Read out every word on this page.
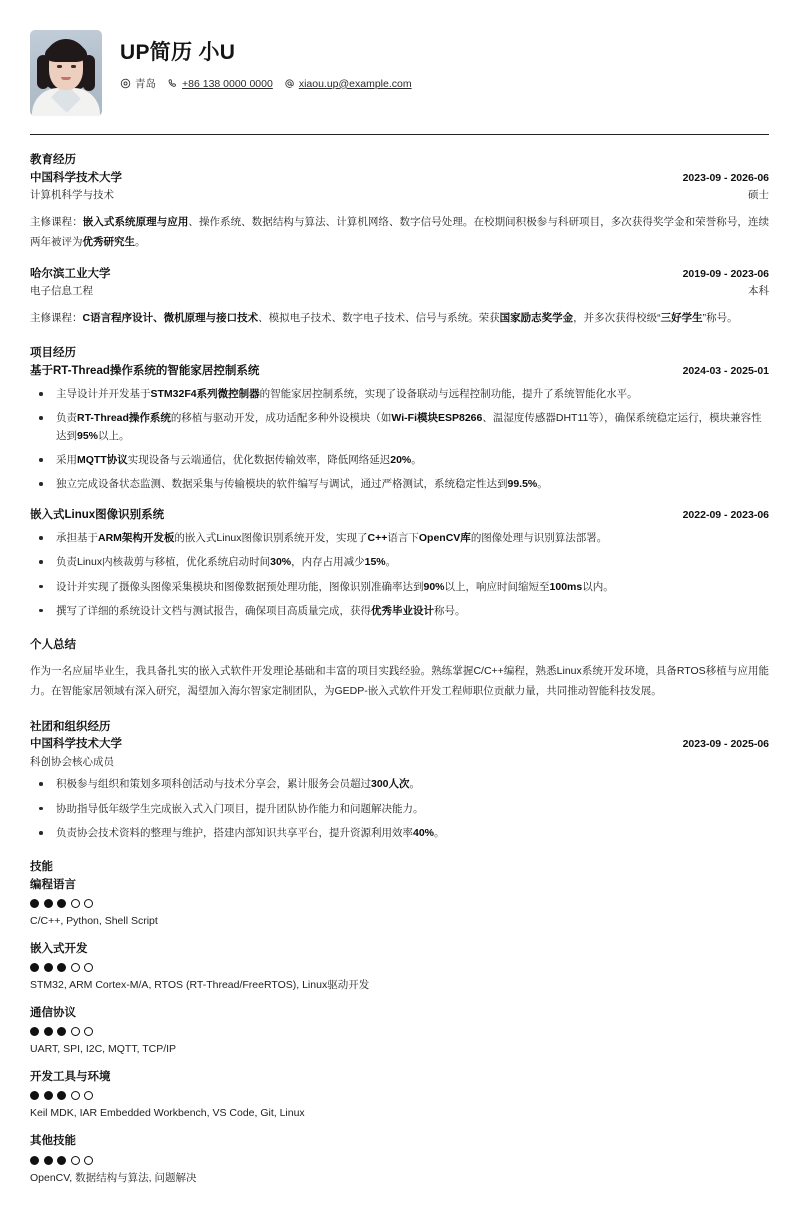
UP简历 小U
青岛 +86 138 0000 0000 xiaou.up@example.com
教育经历
中国科学技术大学	2023-09 - 2026-06
计算机科学与技术	硕士
主修课程：嵌入式系统原理与应用、操作系统、数据结构与算法、计算机网络、数字信号处理。在校期间积极参与科研项目，多次获得奖学金和荣誉称号，连续两年被评为优秀研究生。
哈尔滨工业大学	2019-09 - 2023-06
电子信息工程	本科
主修课程：C语言程序设计、微机原理与接口技术、模拟电子技术、数字电子技术、信号与系统。荣获国家励志奖学金，并多次获得校级“三好学生”称号。
项目经历
基于RT-Thread操作系统的智能家居控制系统	2024-03 - 2025-01
主导设计并开发基于STM32F4系列微控制器的智能家居控制系统，实现了设备联动与远程控制功能，提升了系统智能化水平。
负责RT-Thread操作系统的移植与驱动开发，成功适配多种外设模块（如Wi-Fi模块ESP8266、温湿度传感器DHT11等），确保系统稳定运行，模块兼容性达到95%以上。
采用MQTT协议实现设备与云端通信，优化数据传输效率，降低网络延迟20%。
独立完成设备状态监测、数据采集与传输模块的软件编写与调试，通过严格测试，系统稳定性达到99.5%。
嵌入式Linux图像识别系统	2022-09 - 2023-06
承担基于ARM架构开发板的嵌入式Linux图像识别系统开发，实现了C++语言下OpenCV库的图像处理与识别算法部署。
负责Linux内核裁剪与移植，优化系统启动时间30%，内存占用减少15%。
设计并实现了摄像头图像采集模块和图像数据预处理功能，图像识别准确率达到90%以上，响应时间缩短至100ms以内。
撰写了详细的系统设计文档与测试报告，确保项目高质量完成，获得优秀毕业设计称号。
个人总结
作为一名应届毕业生，我具备扎实的嵌入式软件开发理论基础和丰富的项目实践经验。熟练掌握C/C++编程，熟悉Linux系统开发环境，具备RTOS移植与应用能力。在智能家居领域有深入研究，渴望加入海尔智家定制团队，为GEDP-嵌入式软件开发工程师职位贡献力量，共同推动智能科技发展。
社团和组织经历
中国科学技术大学	2023-09 - 2025-06
科创协会核心成员
积极参与组织和策划多项科创活动与技术分享会，累计服务会员超过300人次。
协助指导低年级学生完成嵌入式入门项目，提升团队协作能力和问题解决能力。
负责协会技术资料的整理与维护，搭建内部知识共享平台，提升资源利用效率40%。
技能
编程语言
C/C++, Python, Shell Script
嵌入式开发
STM32, ARM Cortex-M/A, RTOS (RT-Thread/FreeRTOS), Linux驱动开发
通信协议
UART, SPI, I2C, MQTT, TCP/IP
开发工具与环境
Keil MDK, IAR Embedded Workbench, VS Code, Git, Linux
其他技能
OpenCV, 数据结构与算法, 问题解决
